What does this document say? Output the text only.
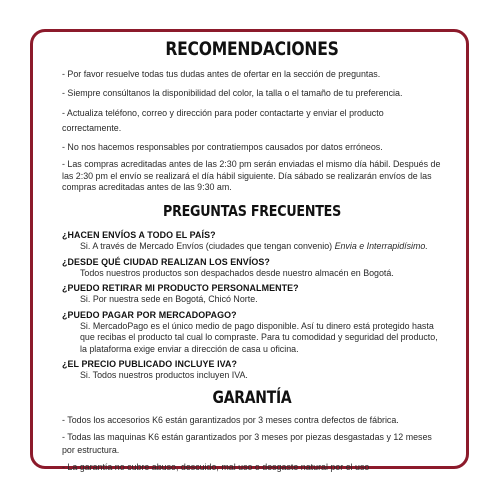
RECOMENDACIONES

- Por favor resuelve todas tus dudas antes de ofertar en la sección de preguntas.

- Siempre consúltanos la disponibilidad del color, la talla o el tamaño de tu preferencia.

- Actualiza teléfono, correo y dirección para poder contactarte y enviar el producto correctamente.

- No nos hacemos responsables por contratiempos causados por datos erróneos.

- Las compras acreditadas antes de las 2:30 pm serán enviadas el mismo día hábil. Después de las 2:30 pm el envío se realizará el día hábil siguiente. Día sábado se realizarán envíos de las compras acreditadas antes de las 9:30 am.

PREGUNTAS FRECUENTES

¿HACEN ENVÍOS A TODO EL PAÍS?

Si. A través de Mercado Envíos (ciudades que tengan convenio) Envia e Interrapidísimo.

¿DESDE QUÉ CIUDAD REALIZAN LOS ENVÍOS?

Todos nuestros productos son despachados desde nuestro almacén en Bogotá.

¿PUEDO RETIRAR MI PRODUCTO PERSONALMENTE?

Si. Por nuestra sede en Bogotá, Chicó Norte.

¿PUEDO PAGAR POR MERCADOPAGO?

Si. MercadoPago es el único medio de pago disponible. Así tu dinero está protegido hasta que recibas el producto tal cual lo compraste. Para tu comodidad y seguridad del producto, la plataforma exige enviar a dirección de casa u oficina.

¿EL PRECIO PUBLICADO INCLUYE IVA?

Si. Todos nuestros productos incluyen IVA.

GARANTÍA

- Todos los accesorios K6 están garantizados por 3 meses contra defectos de fábrica.

- Todas las maquinas K6 están garantizados por 3 meses por piezas desgastadas y 12 meses por estructura.

- La garantía no cubre abuso, descuido, mal uso o desgaste natural por el uso
